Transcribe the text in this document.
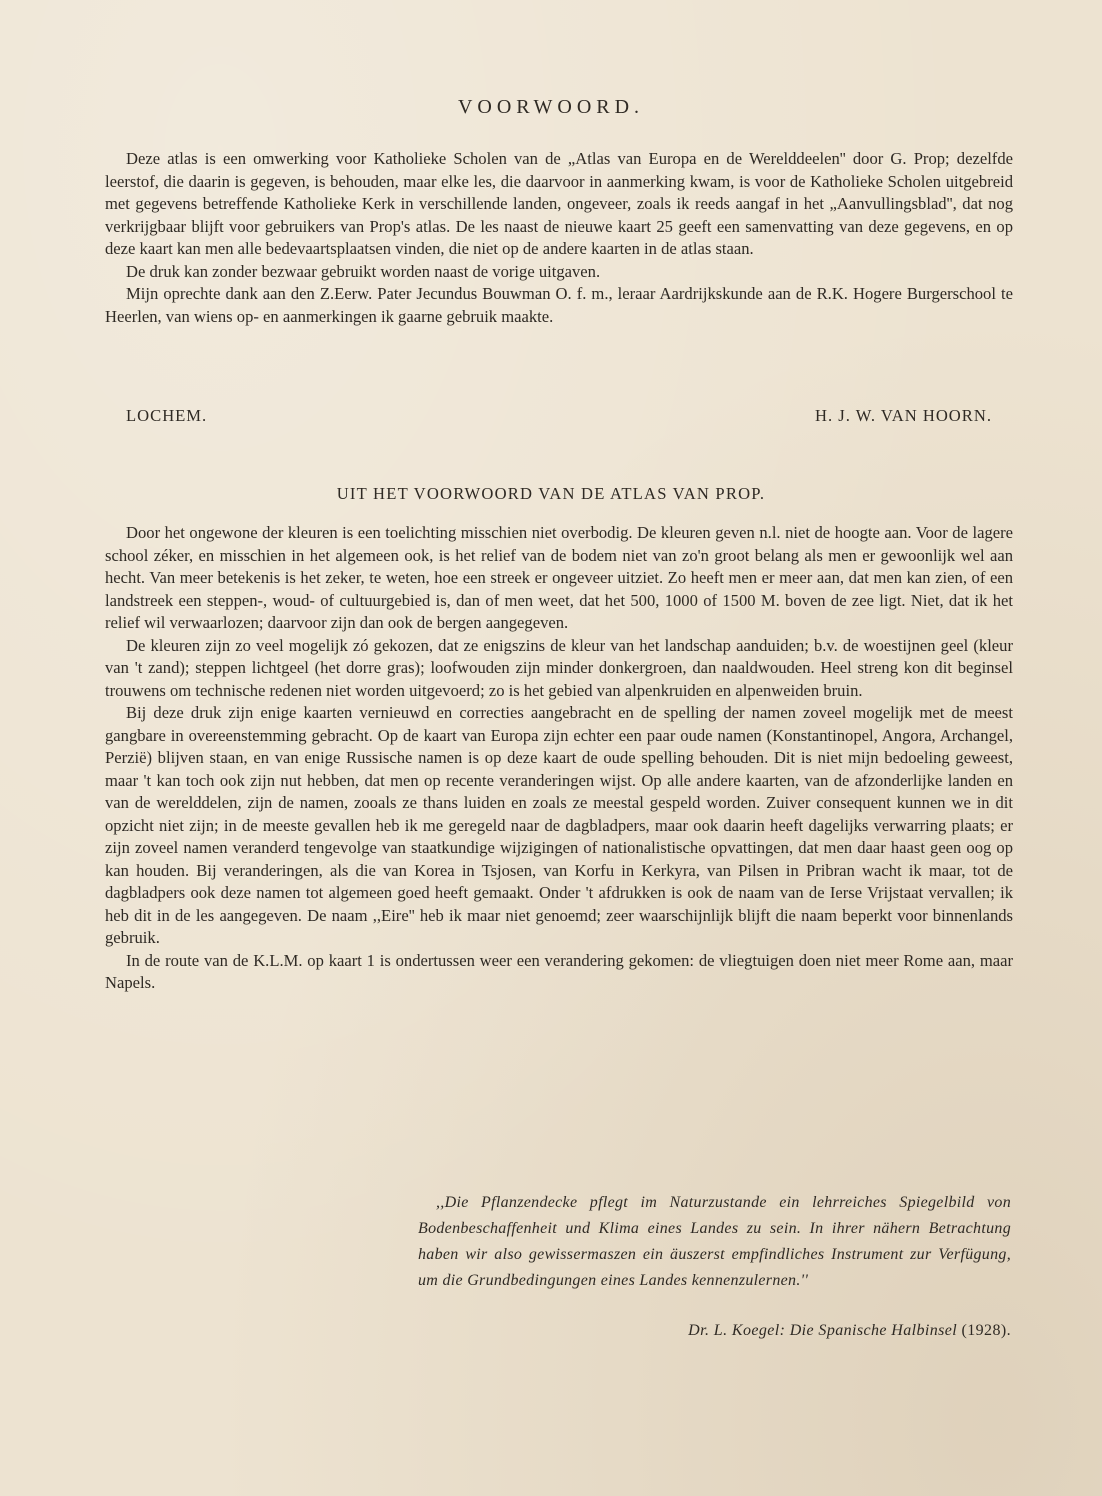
VOORWOORD.

Deze atlas is een omwerking voor Katholieke Scholen van de „Atlas van Europa en de Werelddeelen'' door G. Prop; dezelfde leerstof, die daarin is gegeven, is behouden, maar elke les, die daarvoor in aanmerking kwam, is voor de Katholieke Scholen uitgebreid met gegevens betreffende Katholieke Kerk in verschillende landen, ongeveer, zoals ik reeds aangaf in het „Aanvullingsblad'', dat nog verkrijgbaar blijft voor gebruikers van Prop's atlas. De les naast de nieuwe kaart 25 geeft een samenvatting van deze gegevens, en op deze kaart kan men alle bedevaartsplaatsen vinden, die niet op de andere kaarten in de atlas staan.

De druk kan zonder bezwaar gebruikt worden naast de vorige uitgaven.

Mijn oprechte dank aan den Z.Eerw. Pater Jecundus Bouwman O. f. m., leraar Aardrijkskunde aan de R.K. Hogere Burgerschool te Heerlen, van wiens op- en aanmerkingen ik gaarne gebruik maakte.

LOCHEM.	H. J. W. VAN HOORN.
UIT HET VOORWOORD VAN DE ATLAS VAN PROP.

Door het ongewone der kleuren is een toelichting misschien niet overbodig. De kleuren geven n.l. niet de hoogte aan. Voor de lagere school zéker, en misschien in het algemeen ook, is het relief van de bodem niet van zo'n groot belang als men er gewoonlijk wel aan hecht. Van meer betekenis is het zeker, te weten, hoe een streek er ongeveer uitziet. Zo heeft men er meer aan, dat men kan zien, of een landstreek een steppen-, woud- of cultuurgebied is, dan of men weet, dat het 500, 1000 of 1500 M. boven de zee ligt. Niet, dat ik het relief wil verwaarlozen; daarvoor zijn dan ook de bergen aangegeven.

De kleuren zijn zo veel mogelijk zó gekozen, dat ze enigszins de kleur van het landschap aanduiden; b.v. de woestijnen geel (kleur van 't zand); steppen lichtgeel (het dorre gras); loofwouden zijn minder donkergroen, dan naaldwouden. Heel streng kon dit beginsel trouwens om technische redenen niet worden uitgevoerd; zo is het gebied van alpenkruiden en alpenweiden bruin.

Bij deze druk zijn enige kaarten vernieuwd en correcties aangebracht en de spelling der namen zoveel mogelijk met de meest gangbare in overeenstemming gebracht. Op de kaart van Europa zijn echter een paar oude namen (Konstantinopel, Angora, Archangel, Perzië) blijven staan, en van enige Russische namen is op deze kaart de oude spelling behouden. Dit is niet mijn bedoeling geweest, maar 't kan toch ook zijn nut hebben, dat men op recente veranderingen wijst. Op alle andere kaarten, van de afzonderlijke landen en van de werelddelen, zijn de namen, zooals ze thans luiden en zoals ze meestal gespeld worden. Zuiver consequent kunnen we in dit opzicht niet zijn; in de meeste gevallen heb ik me geregeld naar de dagbladpers, maar ook daarin heeft dagelijks verwarring plaats; er zijn zoveel namen veranderd tengevolge van staatkundige wijzigingen of nationalistische opvattingen, dat men daar haast geen oog op kan houden. Bij veranderingen, als die van Korea in Tsjosen, van Korfu in Kerkyra, van Pilsen in Pribran wacht ik maar, tot de dagbladpers ook deze namen tot algemeen goed heeft gemaakt. Onder 't afdrukken is ook de naam van de Ierse Vrijstaat vervallen; ik heb dit in de les aangegeven. De naam ,,Eire'' heb ik maar niet genoemd; zeer waarschijnlijk blijft die naam beperkt voor binnenlands gebruik.

In de route van de K.L.M. op kaart 1 is ondertussen weer een verandering gekomen: de vliegtuigen doen niet meer Rome aan, maar Napels.

,,Die Pflanzendecke pflegt im Naturzustande ein lehrreiches Spiegelbild von Bodenbeschaffenheit und Klima eines Landes zu sein. In ihrer nähern Betrachtung haben wir also gewissermaszen ein äuszerst empfindliches Instrument zur Verfügung, um die Grundbedingungen eines Landes kennenzulernen.''

Dr. L. Koegel: Die Spanische Halbinsel (1928).
